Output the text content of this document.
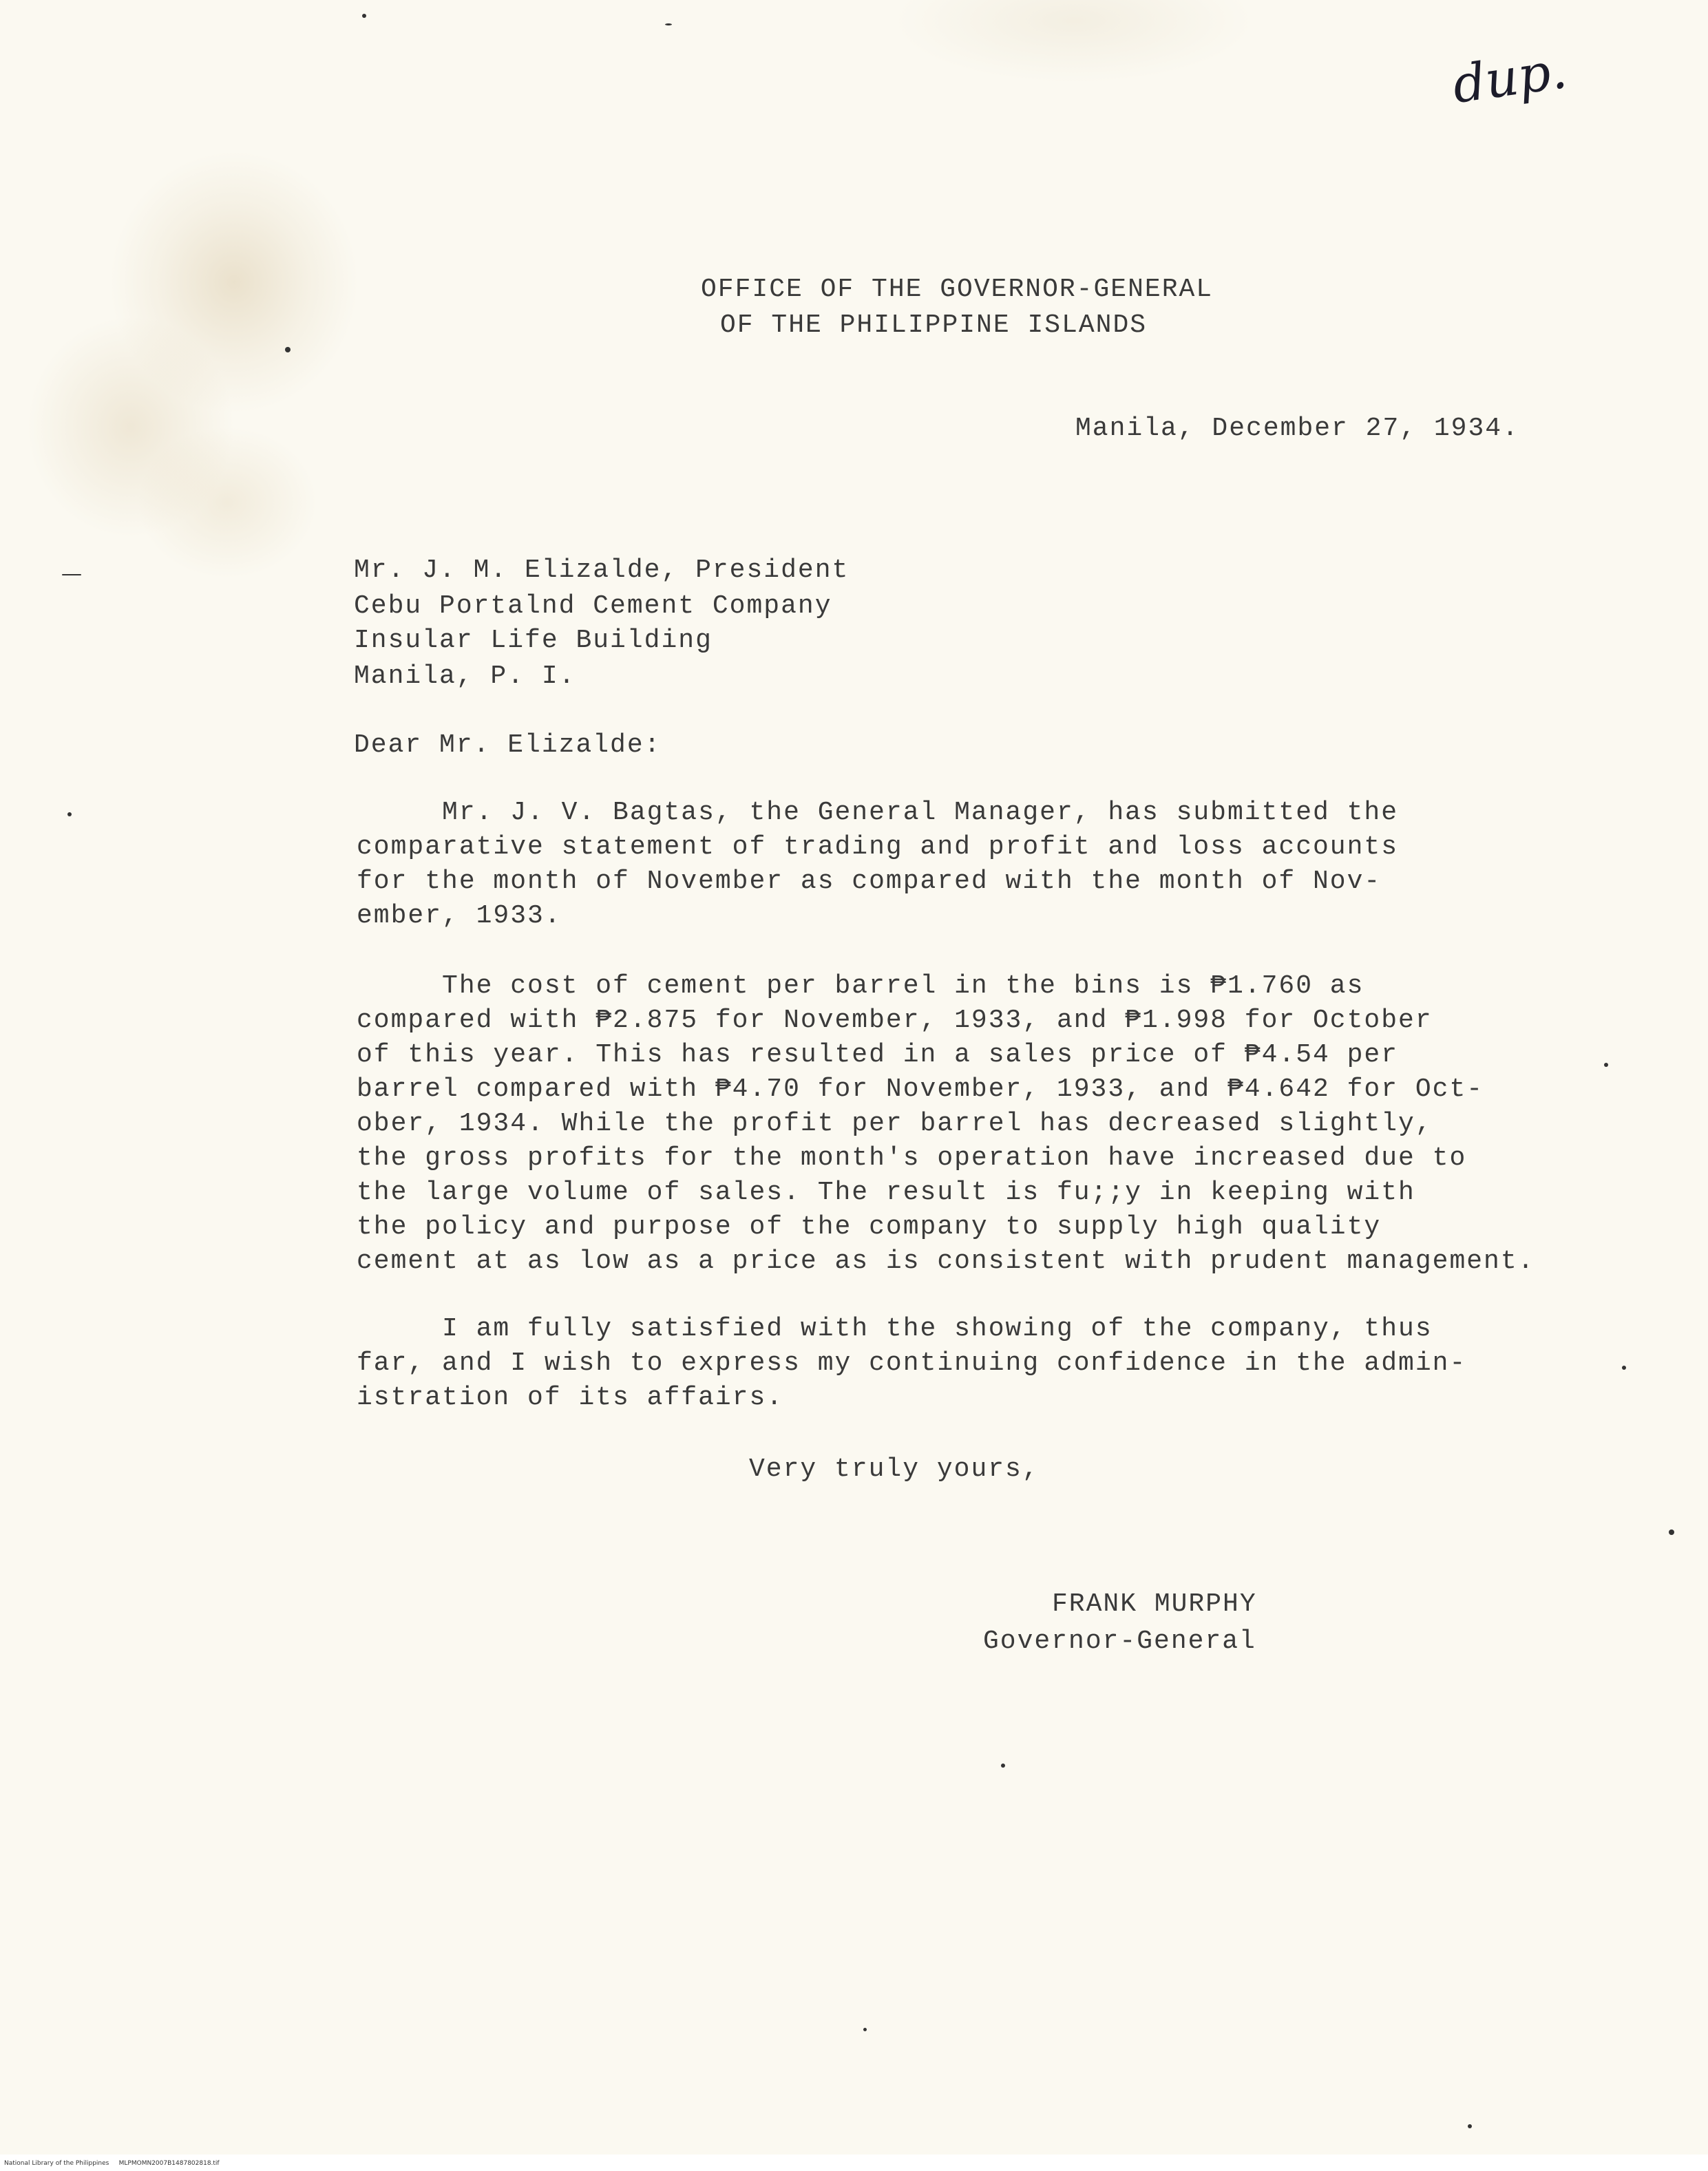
dup.
OFFICE OF THE GOVERNOR-GENERAL
OF THE PHILIPPINE ISLANDS
Manila, December 27, 1934.
Mr. J. M. Elizalde, President
Cebu Portalnd Cement Company
Insular Life Building
Manila, P. I.
Dear Mr. Elizalde:
Mr. J. V. Bagtas, the General Manager, has submitted the
comparative statement of trading and profit and loss accounts
for the month of November as compared with the month of Nov-
ember, 1933.
The cost of cement per barrel in the bins is ₱1.760 as
compared with ₱2.875 for November, 1933, and ₱1.998 for October
of this year. This has resulted in a sales price of ₱4.54 per
barrel compared with ₱4.70 for November, 1933, and ₱4.642 for Oct-
ober, 1934. While the profit per barrel has decreased slightly,
the gross profits for the month's operation have increased due to
the large volume of sales. The result is fu;;y in keeping with
the policy and purpose of the company to supply high quality
cement at as low as a price as is consistent with prudent management.
I am fully satisfied with the showing of the company, thus
far, and I wish to express my continuing confidence in the admin-
istration of its affairs.
Very truly yours,
FRANK MURPHY
Governor-General
National Library of the Philippines     MLPMOMN2007B1487802818.tif
